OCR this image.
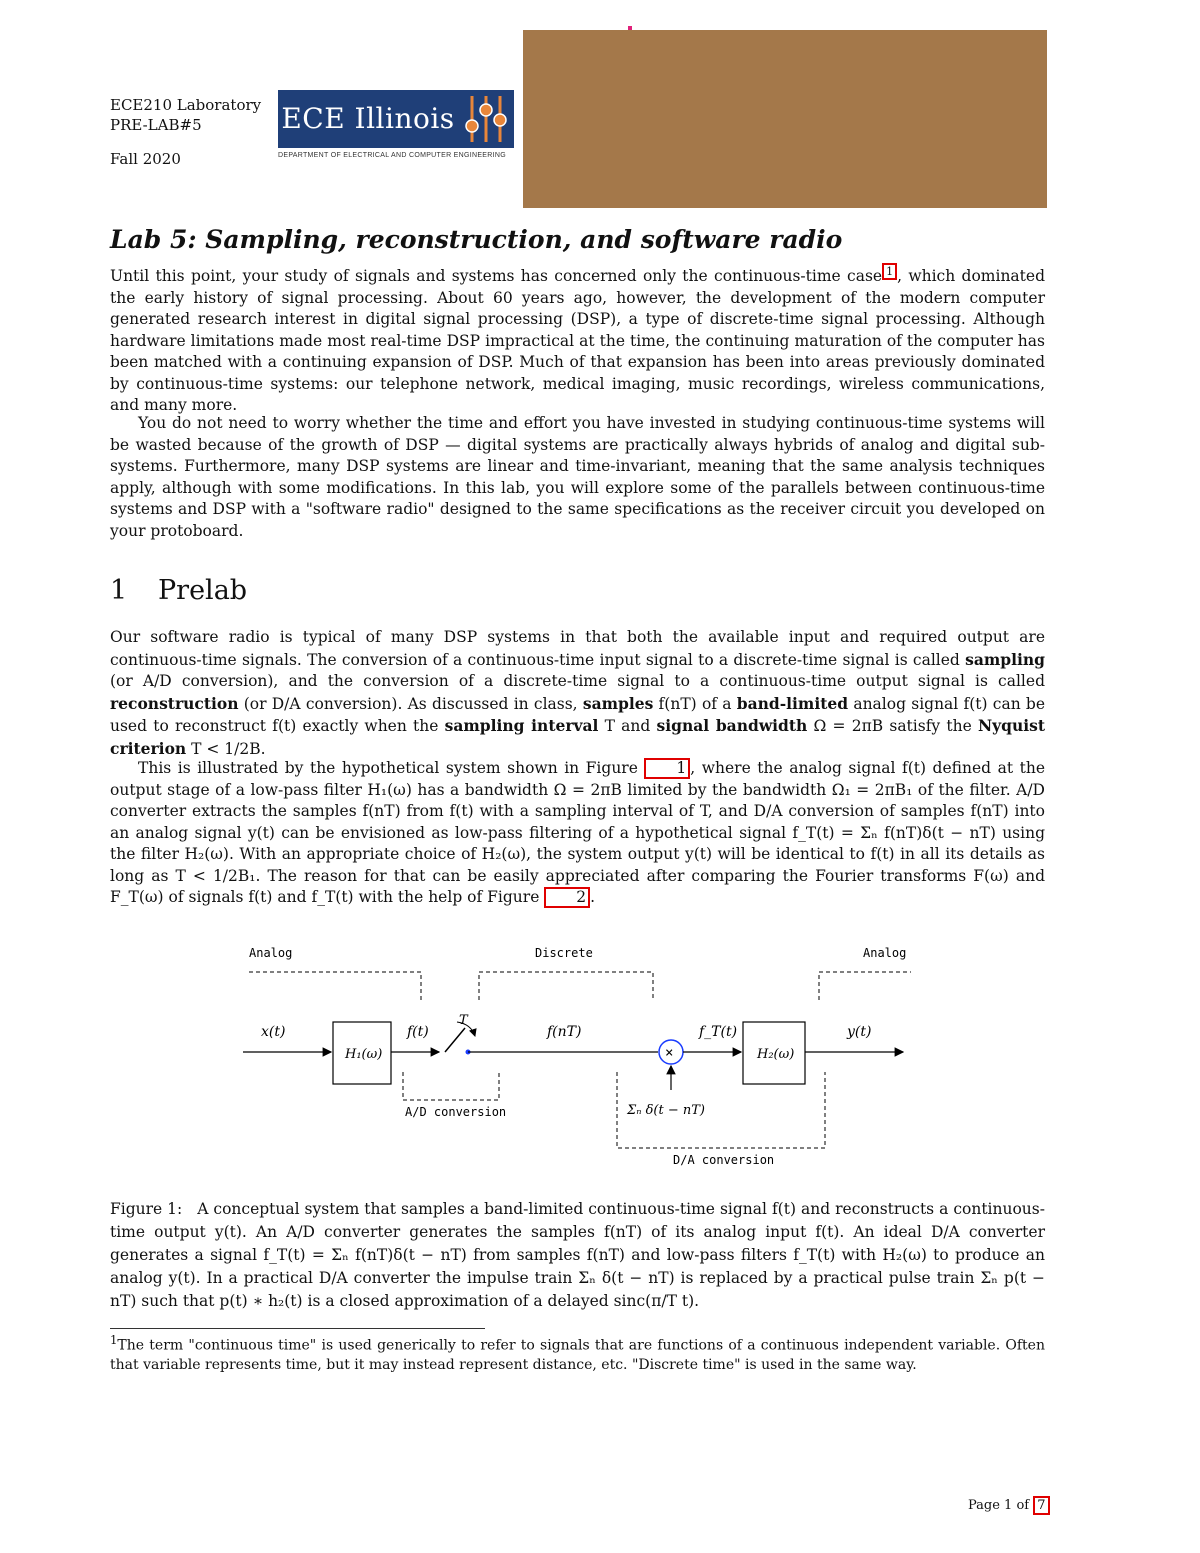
ECE210 Laboratory
PRE-LAB#5
Fall 2020
ECE Illinois
DEPARTMENT OF ELECTRICAL AND COMPUTER ENGINEERING
Lab 5: Sampling, reconstruction, and software radio

Until this point, your study of signals and systems has concerned only the continuous-time case 1 , which dominated the early history of signal processing. About 60 years ago, however, the development of the modern computer generated research interest in digital signal processing (DSP), a type of discrete-time signal processing. Although hardware limitations made most real-time DSP impractical at the time, the continuing maturation of the computer has been matched with a continuing expansion of DSP. Much of that expansion has been into areas previously dominated by continuous-time systems: our telephone network, medical imaging, music recordings, wireless communications, and many more.

You do not need to worry whether the time and effort you have invested in studying continuous-time systems will be wasted because of the growth of DSP — digital systems are practically always hybrids of analog and digital sub-systems. Furthermore, many DSP systems are linear and time-invariant, meaning that the same analysis techniques apply, although with some modifications. In this lab, you will explore some of the parallels between continuous-time systems and DSP with a "software radio" designed to the same specifications as the receiver circuit you developed on your protoboard.

1 Prelab

Our software radio is typical of many DSP systems in that both the available input and required output are continuous-time signals. The conversion of a continuous-time input signal to a discrete-time signal is called sampling (or A/D conversion), and the conversion of a discrete-time signal to a continuous-time output signal is called reconstruction (or D/A conversion). As discussed in class, samples f(nT) of a band-limited analog signal f(t) can be used to reconstruct f(t) exactly when the sampling interval T and signal bandwidth Ω = 2πB satisfy the Nyquist criterion T < 1/2B.

This is illustrated by the hypothetical system shown in Figure 1 , where the analog signal f(t) defined at the output stage of a low-pass filter H₁(ω) has a bandwidth Ω = 2πB limited by the bandwidth Ω₁ = 2πB₁ of the filter. A/D converter extracts the samples f(nT) from f(t) with a sampling interval of T, and D/A conversion of samples f(nT) into an analog signal y(t) can be envisioned as low-pass filtering of a hypothetical signal f_T(t) = Σₙ f(nT)δ(t − nT) using the filter H₂(ω). With an appropriate choice of H₂(ω), the system output y(t) will be identical to f(t) in all its details as long as T < 1/2B₁. The reason for that can be easily appreciated after comparing the Fourier transforms F(ω) and F_T(ω) of signals f(t) and f_T(t) with the help of Figure 2 .

Analog	Discrete	Analog
x(t)
H₁(ω)
f(t)
T
f(nT)
×
Σₙ δ(t − nT)
f_T(t)
H₂(ω)
y(t)
A/D conversion
D/A conversion

Figure 1: A conceptual system that samples a band-limited continuous-time signal f(t) and reconstructs a continuous-time output y(t). An A/D converter generates the samples f(nT) of its analog input f(t). An ideal D/A converter generates a signal f_T(t) = Σₙ f(nT)δ(t − nT) from samples f(nT) and low-pass filters f_T(t) with H₂(ω) to produce an analog y(t). In a practical D/A converter the impulse train Σₙ δ(t − nT) is replaced by a practical pulse train Σₙ p(t − nT) such that p(t) ∗ h₂(t) is a closed approximation of a delayed sinc(π/T t).

$^1$The term "continuous time" is used generically to refer to signals that are functions of a continuous independent variable. Often that variable represents time, but it may instead represent distance, etc. "Discrete time" is used in the same way.

Page 1 of 7
